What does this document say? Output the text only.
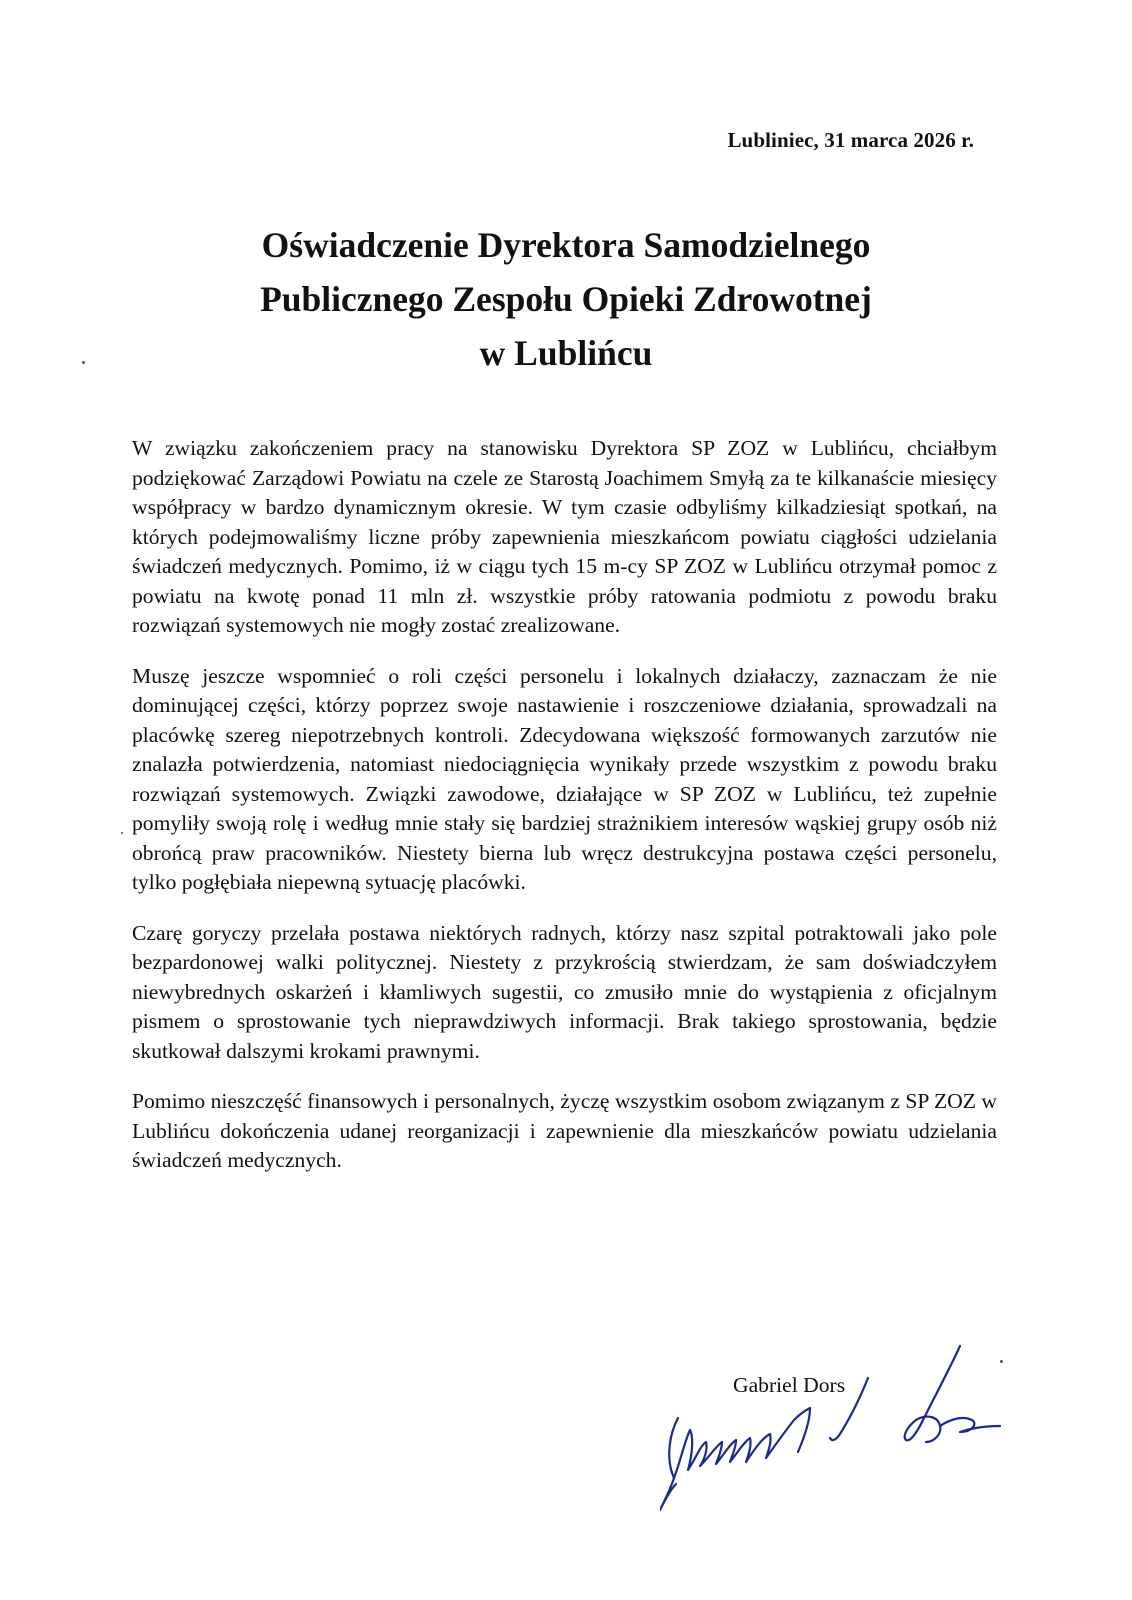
Lubliniec, 31 marca 2026 r.
Oświadczenie Dyrektora Samodzielnego
Publicznego Zespołu Opieki Zdrowotnej
w Lublińcu

W związku zakończeniem pracy na stanowisku Dyrektora SP ZOZ w Lublińcu, chciałbym podziękować Zarządowi Powiatu na czele ze Starostą Joachimem Smyłą za te kilkanaście miesięcy współpracy w bardzo dynamicznym okresie. W tym czasie odbyliśmy kilkadziesiąt spotkań, na których podejmowaliśmy liczne próby zapewnienia mieszkańcom powiatu ciągłości udzielania świadczeń medycznych. Pomimo, iż w ciągu tych 15 m-cy SP ZOZ w Lublińcu otrzymał pomoc z powiatu na kwotę ponad 11 mln zł. wszystkie próby ratowania podmiotu z powodu braku rozwiązań systemowych nie mogły zostać zrealizowane.

Muszę jeszcze wspomnieć o roli części personelu i lokalnych działaczy, zaznaczam że nie dominującej części, którzy poprzez swoje nastawienie i roszczeniowe działania, sprowadzali na placówkę szereg niepotrzebnych kontroli. Zdecydowana większość formowanych zarzutów nie znalazła potwierdzenia, natomiast niedociągnięcia wynikały przede wszystkim z powodu braku rozwiązań systemowych. Związki zawodowe, działające w SP ZOZ w Lublińcu, też zupełnie pomyliły swoją rolę i według mnie stały się bardziej strażnikiem interesów wąskiej grupy osób niż obrońcą praw pracowników. Niestety bierna lub wręcz destrukcyjna postawa części personelu, tylko pogłębiała niepewną sytuację placówki.

Czarę goryczy przelała postawa niektórych radnych, którzy nasz szpital potraktowali jako pole bezpardonowej walki politycznej. Niestety z przykrością stwierdzam, że sam doświadczyłem niewybrednych oskarżeń i kłamliwych sugestii, co zmusiło mnie do wystąpienia z oficjalnym pismem o sprostowanie tych nieprawdziwych informacji. Brak takiego sprostowania, będzie skutkował dalszymi krokami prawnymi.

Pomimo nieszczęść finansowych i personalnych, życzę wszystkim osobom związanym z SP ZOZ w Lublińcu dokończenia udanej reorganizacji i zapewnienie dla mieszkańców powiatu udzielania świadczeń medycznych.

Gabriel Dors
